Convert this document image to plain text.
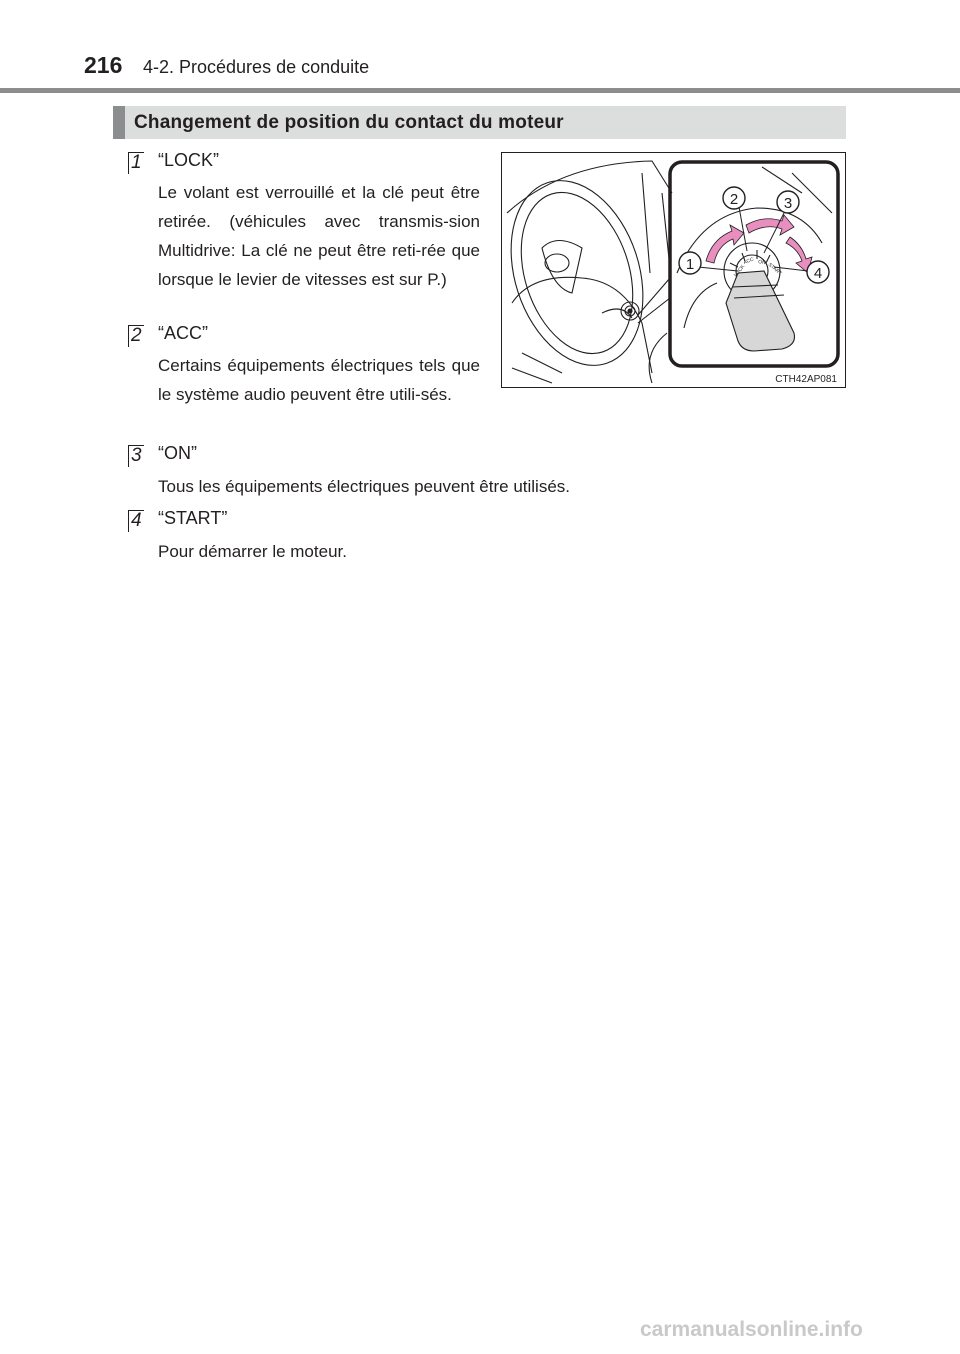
216 4-2. Procédures de conduite
Changement de position du contact du moteur
1 “LOCK”
Le volant est verrouillé et la clé peut être retirée. (véhicules avec transmis-sion Multidrive: La clé ne peut être reti-rée que lorsque le levier de vitesses est sur P.)
2 “ACC”
Certains équipements électriques tels que le système audio peuvent être utili-sés.
3 “ON”
Tous les équipements électriques peuvent être utilisés.
4 “START”
Pour démarrer le moteur.
LOCK
ACC ON START
1
2	3
4
CTH42AP081
carmanualsonline.info
